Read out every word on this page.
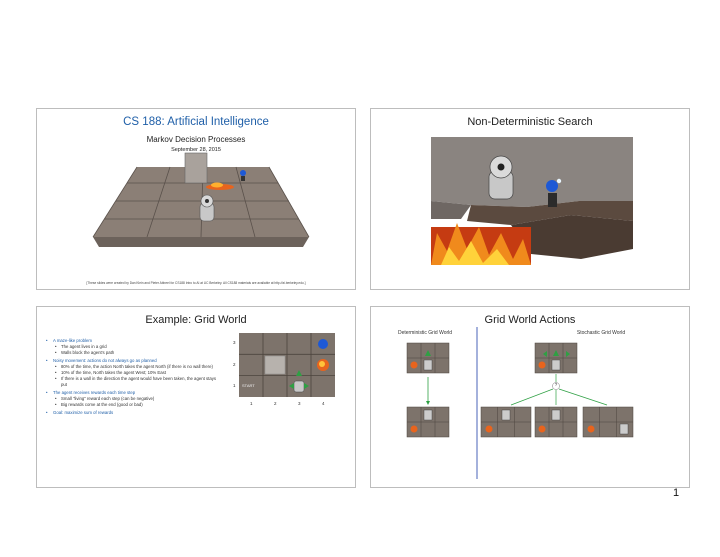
CS 188: Artificial Intelligence
Markov Decision Processes
September 28, 2015
[These slides were created by Dan Klein and Pieter Abbeel for CS188 Intro to AI at UC Berkeley. All CS188 materials are available at http://ai.berkeley.edu.]
Non-Deterministic Search
Example: Grid World
• A maze-like problem
• The agent lives in a grid
• Walls block the agent's path
• Noisy movement: actions do not always go as planned
• 80% of the time, the action North takes the agent North (if there is no wall there)
• 10% of the time, North takes the agent West; 10% East
• If there is a wall in the direction the agent would have been taken, the agent stays put
• The agent receives rewards each time step
• Small "living" reward each step (can be negative)
• Big rewards come at the end (good or bad)
• Goal: maximize sum of rewards
3
2
1
1	2	3	4
START
Grid World Actions
Deterministic Grid World	Stochastic Grid World
?
1
